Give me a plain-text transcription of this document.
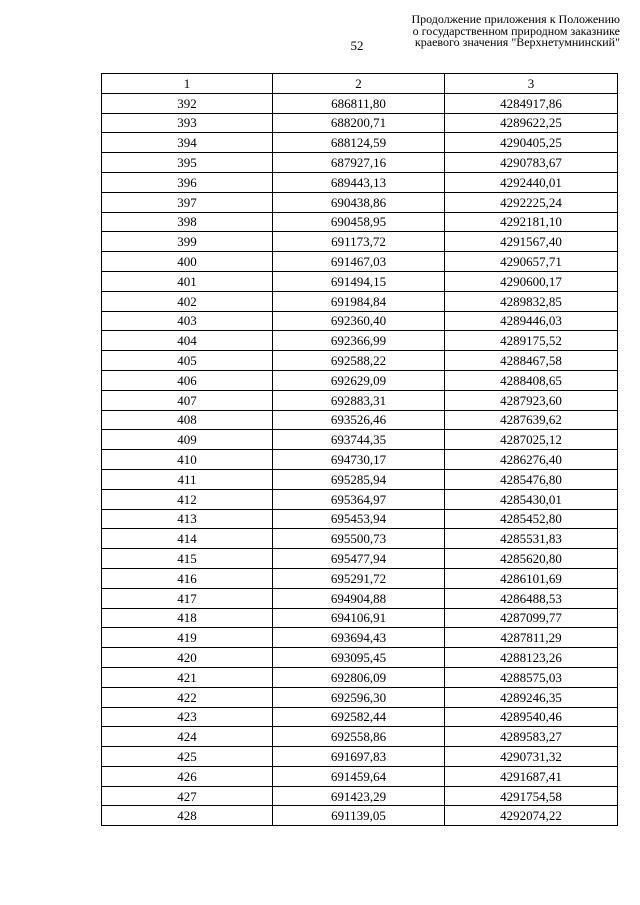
52
Продолжение приложения к Положению
о государственном природном заказнике
краевого значения "Верхнетумнинский"
1	2	3
392	686811,80	4284917,86
393	688200,71	4289622,25
394	688124,59	4290405,25
395	687927,16	4290783,67
396	689443,13	4292440,01
397	690438,86	4292225,24
398	690458,95	4292181,10
399	691173,72	4291567,40
400	691467,03	4290657,71
401	691494,15	4290600,17
402	691984,84	4289832,85
403	692360,40	4289446,03
404	692366,99	4289175,52
405	692588,22	4288467,58
406	692629,09	4288408,65
407	692883,31	4287923,60
408	693526,46	4287639,62
409	693744,35	4287025,12
410	694730,17	4286276,40
411	695285,94	4285476,80
412	695364,97	4285430,01
413	695453,94	4285452,80
414	695500,73	4285531,83
415	695477,94	4285620,80
416	695291,72	4286101,69
417	694904,88	4286488,53
418	694106,91	4287099,77
419	693694,43	4287811,29
420	693095,45	4288123,26
421	692806,09	4288575,03
422	692596,30	4289246,35
423	692582,44	4289540,46
424	692558,86	4289583,27
425	691697,83	4290731,32
426	691459,64	4291687,41
427	691423,29	4291754,58
428	691139,05	4292074,22
